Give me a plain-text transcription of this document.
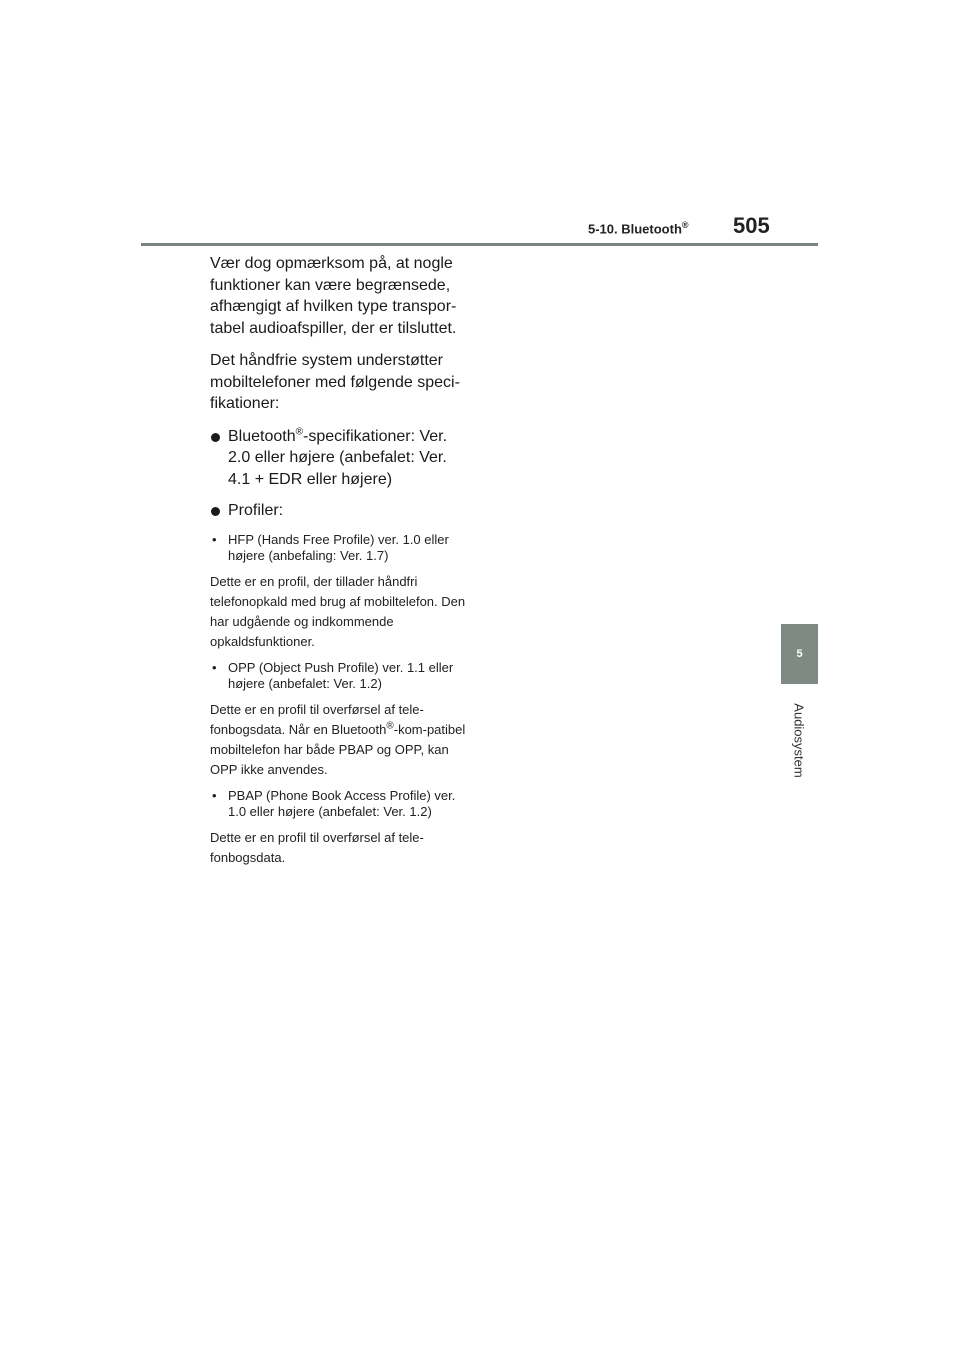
5-10. Bluetooth® 505
5
Audiosystem

Vær dog opmærksom på, at nogle funktioner kan være begrænsede, afhængigt af hvilken type transpor-tabel audioafspiller, der er tilsluttet.

Det håndfrie system understøtter mobiltelefoner med følgende speci-fikationer:

Bluetooth®-specifikationer: Ver. 2.0 eller højere (anbefalet: Ver. 4.1 + EDR eller højere)
Profiler:
• HFP (Hands Free Profile) ver. 1.0 eller højere (anbefaling: Ver. 1.7)

Dette er en profil, der tillader håndfri telefonopkald med brug af mobiltelefon. Den har udgående og indkommende opkaldsfunktioner.

• OPP (Object Push Profile) ver. 1.1 eller højere (anbefalet: Ver. 1.2)

Dette er en profil til overførsel af tele-fonbogsdata. Når en Bluetooth®-kom-patibel mobiltelefon har både PBAP og OPP, kan OPP ikke anvendes.

• PBAP (Phone Book Access Profile) ver. 1.0 eller højere (anbefalet: Ver. 1.2)

Dette er en profil til overførsel af tele-fonbogsdata.
